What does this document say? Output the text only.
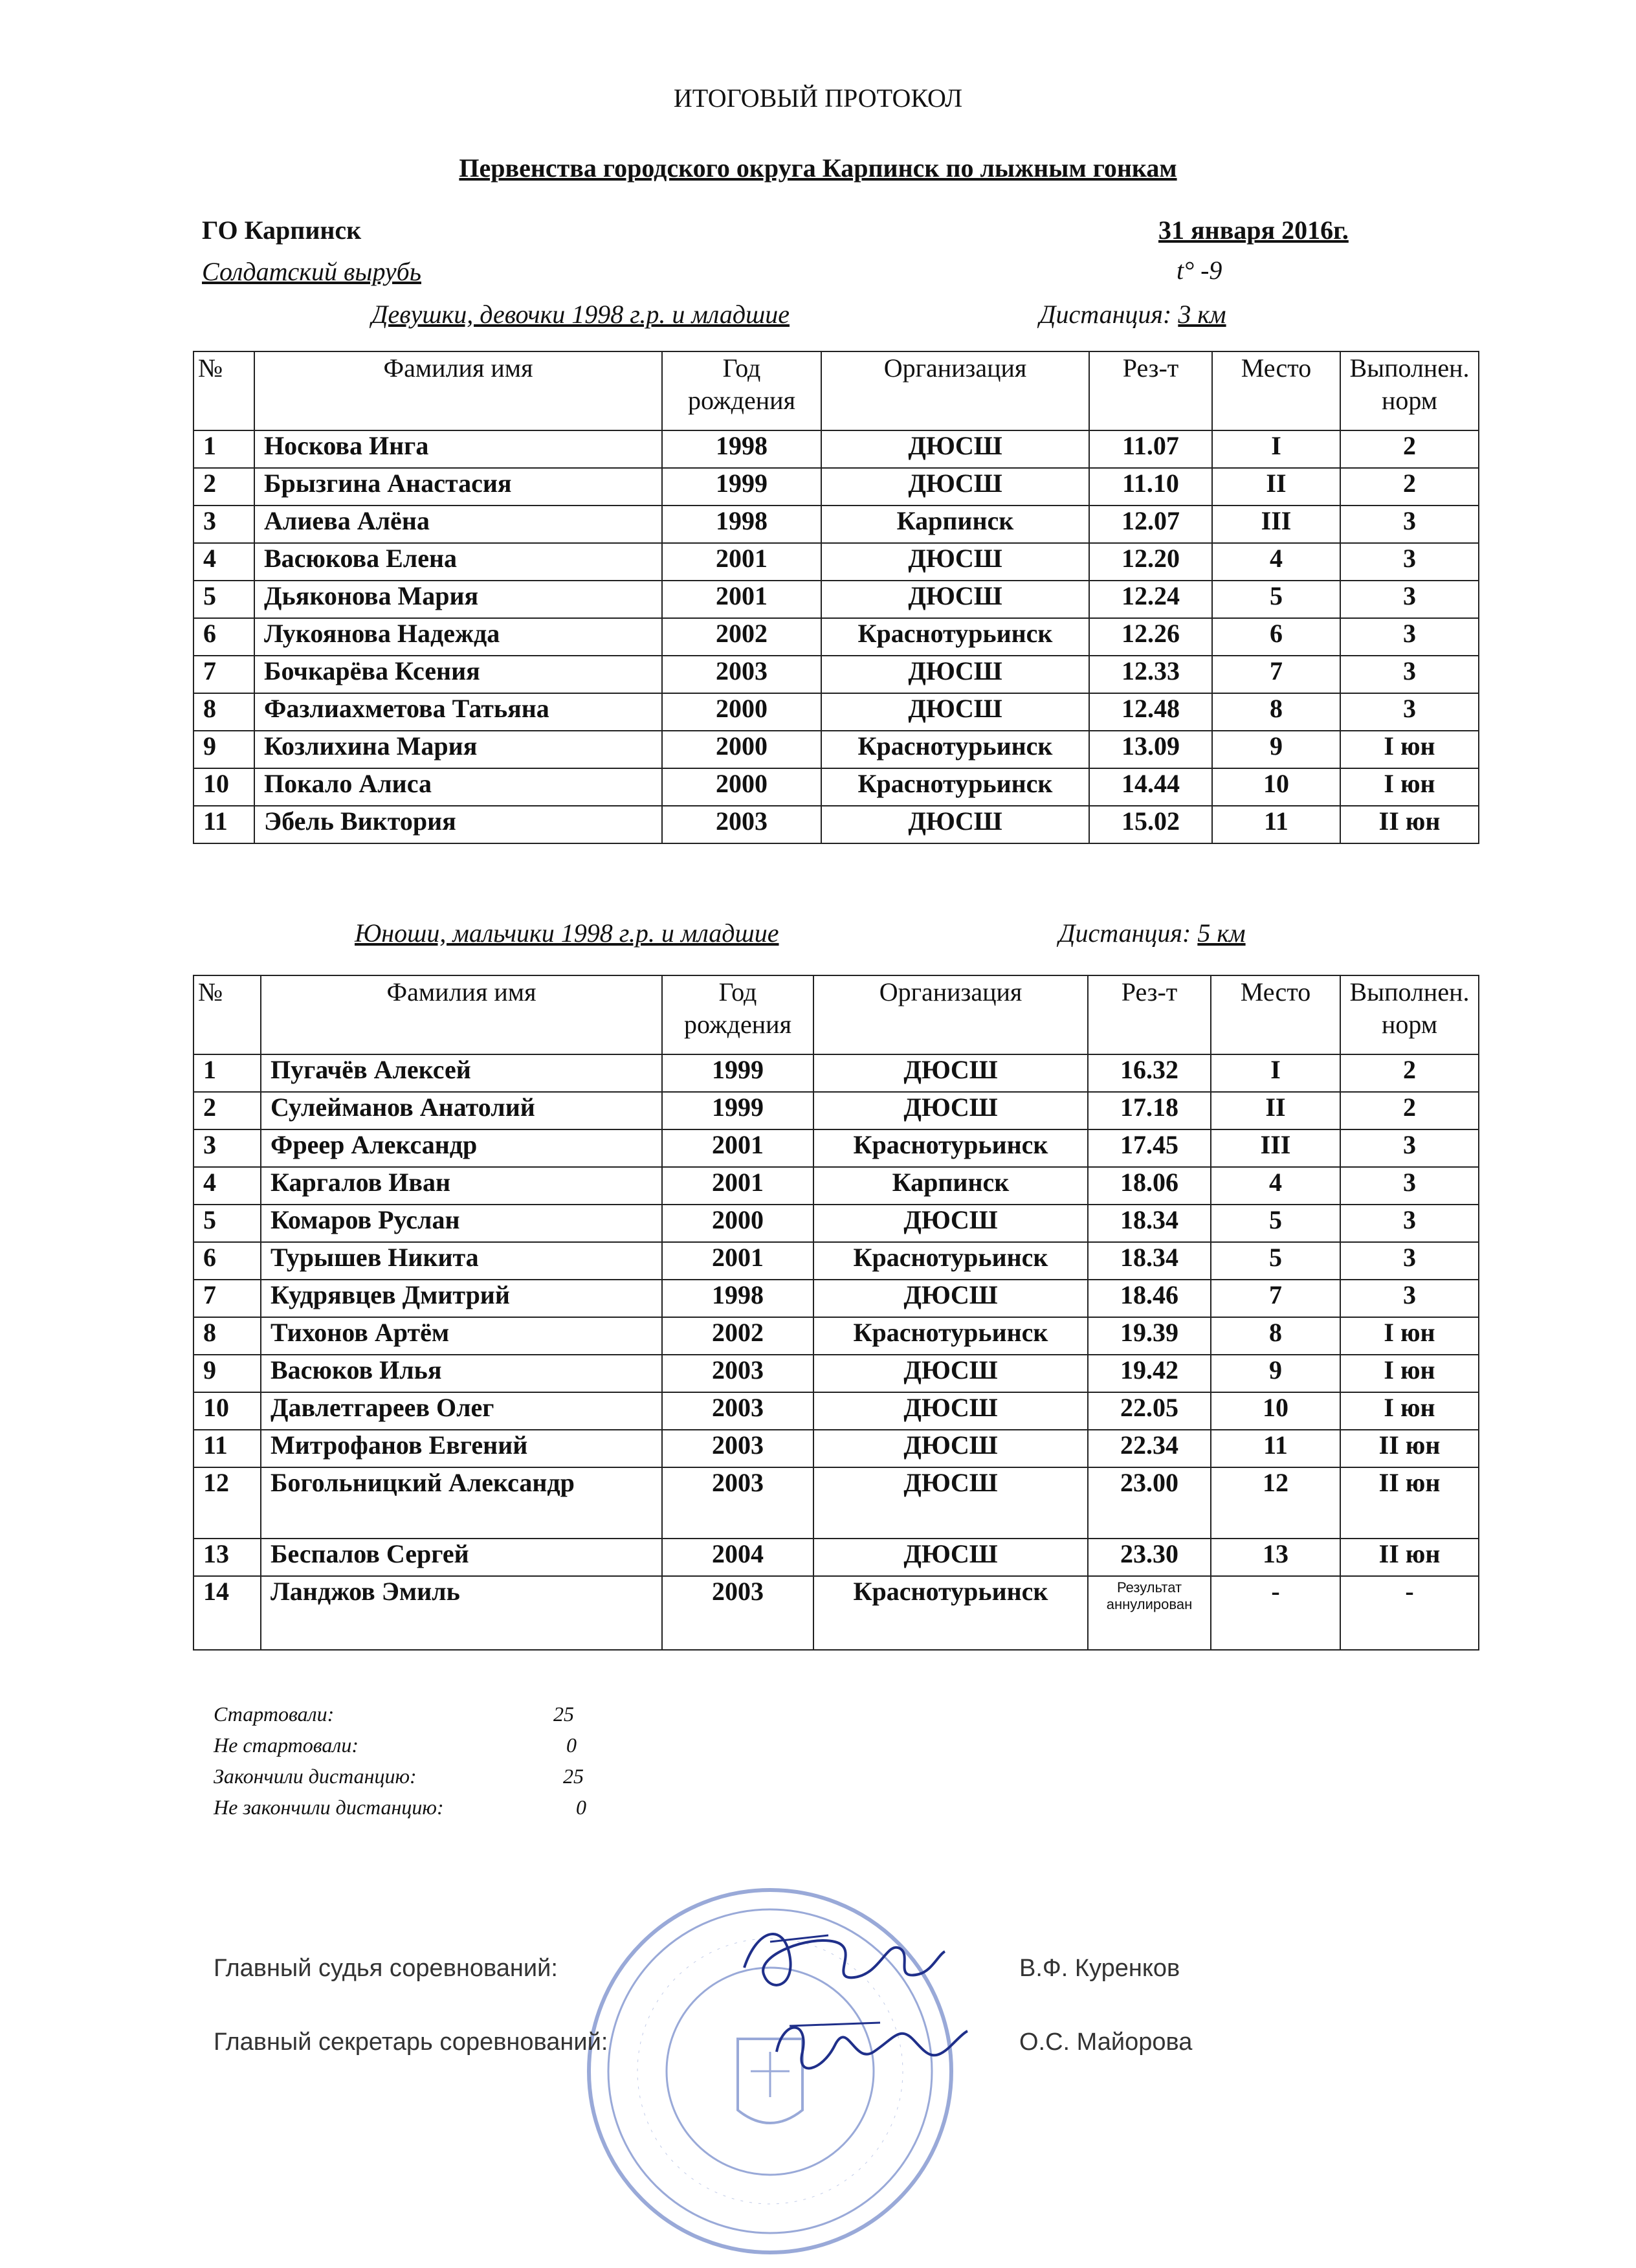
ИТОГОВЫЙ ПРОТОКОЛ
Первенства городского округа Карпинск по лыжным гонкам
ГО Карпинск	31 января 2016г.
Солдатский вырубь	t° -9
Девушки, девочки 1998 г.р. и младшие	Дистанция: 3 км
№	Фамилия имя	Год рождения	Организация	Рез-т	Место	Выполнен. норм
1	Носкова Инга	1998	ДЮСШ	11.07	I	2
2	Брызгина Анастасия	1999	ДЮСШ	11.10	II	2
3	Алиева Алёна	1998	Карпинск	12.07	III	3
4	Васюкова Елена	2001	ДЮСШ	12.20	4	3
5	Дьяконова Мария	2001	ДЮСШ	12.24	5	3
6	Лукоянова Надежда	2002	Краснотурьинск	12.26	6	3
7	Бочкарёва Ксения	2003	ДЮСШ	12.33	7	3
8	Фазлиахметова Татьяна	2000	ДЮСШ	12.48	8	3
9	Козлихина Мария	2000	Краснотурьинск	13.09	9	I юн
10	Покало Алиса	2000	Краснотурьинск	14.44	10	I юн
11	Эбель Виктория	2003	ДЮСШ	15.02	11	II юн
Юноши, мальчики 1998 г.р. и младшие	Дистанция: 5 км
№	Фамилия имя	Год рождения	Организация	Рез-т	Место	Выполнен. норм
1	Пугачёв Алексей	1999	ДЮСШ	16.32	I	2
2	Сулейманов Анатолий	1999	ДЮСШ	17.18	II	2
3	Фреер Александр	2001	Краснотурьинск	17.45	III	3
4	Каргалов Иван	2001	Карпинск	18.06	4	3
5	Комаров Руслан	2000	ДЮСШ	18.34	5	3
6	Турышев Никита	2001	Краснотурьинск	18.34	5	3
7	Кудрявцев Дмитрий	1998	ДЮСШ	18.46	7	3
8	Тихонов Артём	2002	Краснотурьинск	19.39	8	I юн
9	Васюков Илья	2003	ДЮСШ	19.42	9	I юн
10	Давлетгареев Олег	2003	ДЮСШ	22.05	10	I юн
11	Митрофанов Евгений	2003	ДЮСШ	22.34	11	II юн
12	Богольницкий Александр	2003	ДЮСШ	23.00	12	II юн
13	Беспалов Сергей	2004	ДЮСШ	23.30	13	II юн
14	Ланджов Эмиль	2003	Краснотурьинск	Результат аннулирован	-	-
Стартовали:	25
Не стартовали:	0
Закончили дистанцию:	25
Не закончили дистанцию:	0
Главный судья соревнований:	В.Ф. Куренков
Главный секретарь соревнований:	О.С. Майорова
